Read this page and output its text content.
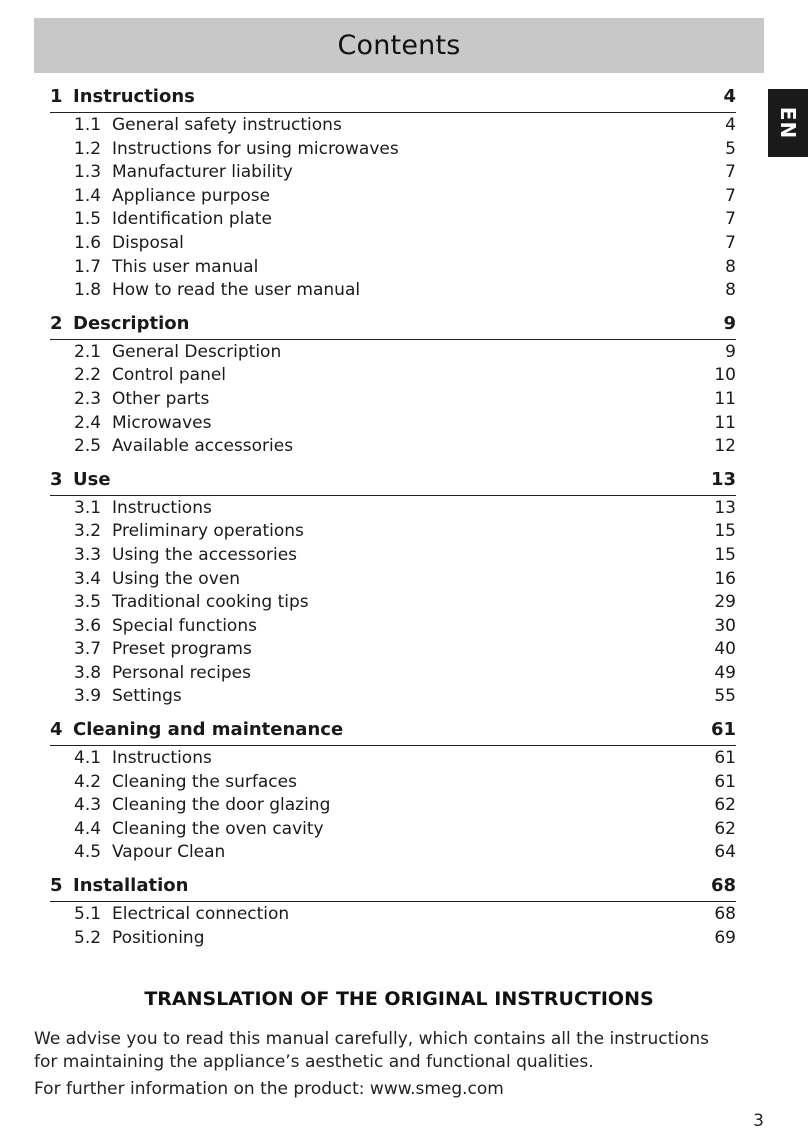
Contents
EN
1 Instructions	4
1.1 General safety instructions	4
1.2 Instructions for using microwaves	5
1.3 Manufacturer liability	7
1.4 Appliance purpose	7
1.5 Identification plate	7
1.6 Disposal	7
1.7 This user manual	8
1.8 How to read the user manual	8
2 Description	9
2.1 General Description	9
2.2 Control panel	10
2.3 Other parts	11
2.4 Microwaves	11
2.5 Available accessories	12
3 Use	13
3.1 Instructions	13
3.2 Preliminary operations	15
3.3 Using the accessories	15
3.4 Using the oven	16
3.5 Traditional cooking tips	29
3.6 Special functions	30
3.7 Preset programs	40
3.8 Personal recipes	49
3.9 Settings	55
4 Cleaning and maintenance	61
4.1 Instructions	61
4.2 Cleaning the surfaces	61
4.3 Cleaning the door glazing	62
4.4 Cleaning the oven cavity	62
4.5 Vapour Clean	64
5 Installation	68
5.1 Electrical connection	68
5.2 Positioning	69
TRANSLATION OF THE ORIGINAL INSTRUCTIONS

We advise you to read this manual carefully, which contains all the instructions for maintaining the appliance’s aesthetic and functional qualities.

For further information on the product: www.smeg.com

3
